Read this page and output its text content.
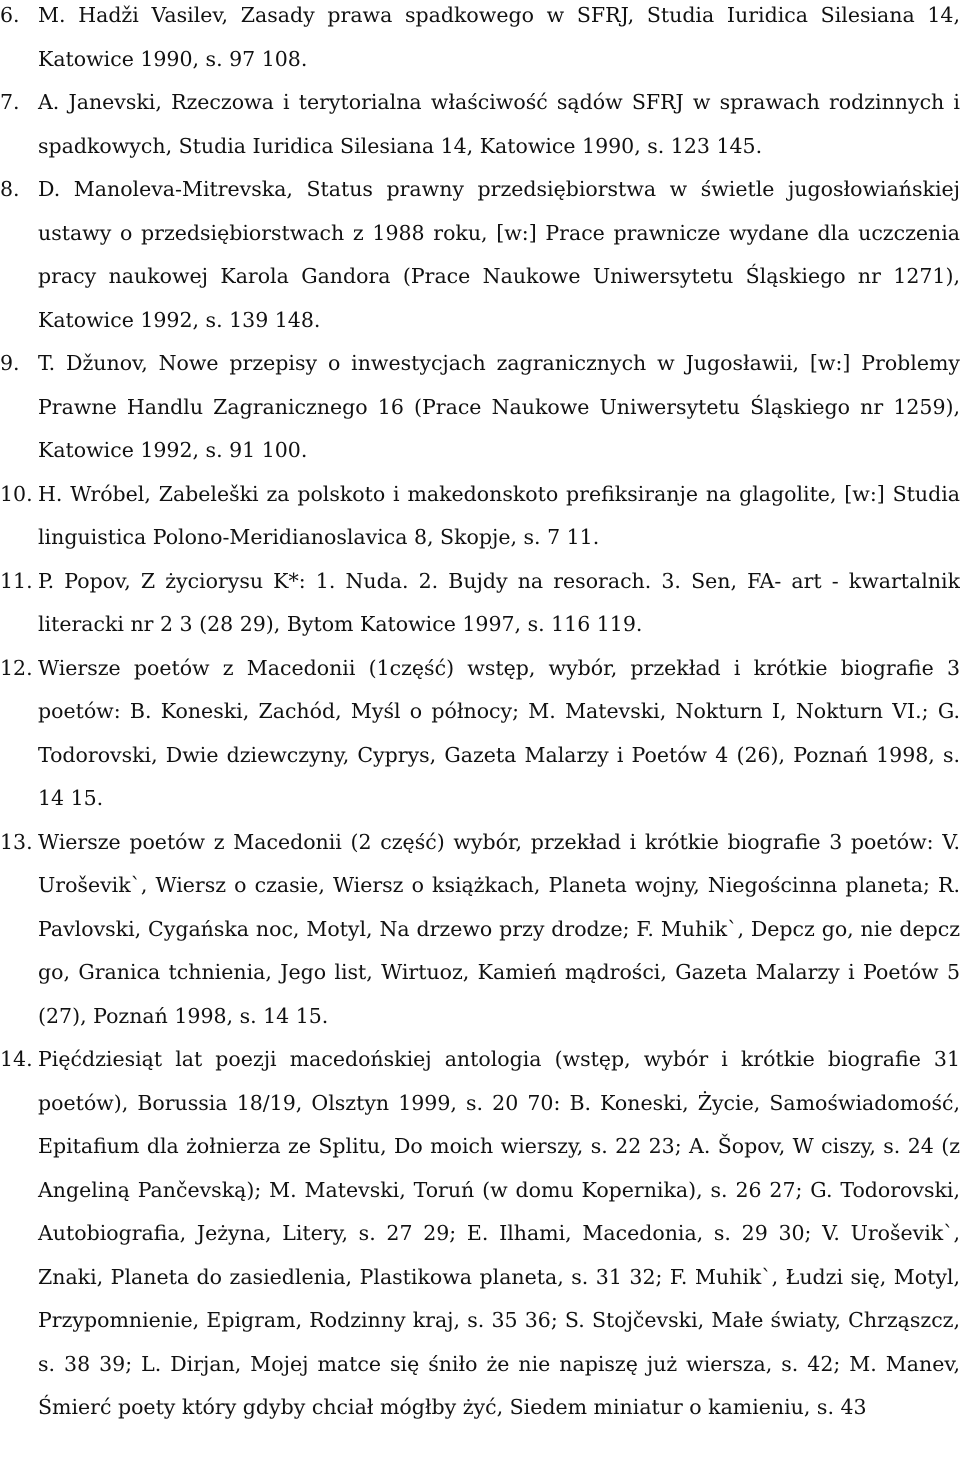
6. M. Hadži Vasilev, Zasady prawa spadkowego w SFRJ, Studia Iuridica Silesiana 14, Katowice 1990, s. 97 108.
7. A. Janevski, Rzeczowa i terytorialna właściwość sądów SFRJ w sprawach rodzinnych i spadkowych, Studia Iuridica Silesiana 14, Katowice 1990, s. 123 145.
8. D. Manoleva-Mitrevska, Status prawny przedsiębiorstwa w świetle jugosłowiańskiej ustawy o przedsiębiorstwach z 1988 roku, [w:] Prace prawnicze wydane dla uczczenia pracy naukowej Karola Gandora (Prace Naukowe Uniwersytetu Śląskiego nr 1271), Katowice 1992, s. 139 148.
9. T. Džunov, Nowe przepisy o inwestycjach zagranicznych w Jugosławii, [w:] Problemy Prawne Handlu Zagranicznego 16 (Prace Naukowe Uniwersytetu Śląskiego nr 1259), Katowice 1992, s. 91 100.
10. H. Wróbel, Zabeleški za polskoto i makedonskoto prefiksiranje na glagolite, [w:] Studia linguistica Polono-Meridianoslavica 8, Skopje, s. 7 11.
11. P. Popov, Z życiorysu K*: 1. Nuda. 2. Bujdy na resorach. 3. Sen, FA- art - kwartalnik literacki nr 2 3 (28 29), Bytom Katowice 1997, s. 116 119.
12. Wiersze poetów z Macedonii (1część) wstęp, wybór, przekład i krótkie biografie 3 poetów: B. Koneski, Zachód, Myśl o północy; M. Matevski, Nokturn I, Nokturn VI.; G. Todorovski, Dwie dziewczyny, Cyprys, Gazeta Malarzy i Poetów 4 (26), Poznań 1998, s. 14 15.
13. Wiersze poetów z Macedonii (2 część) wybór, przekład i krótkie biografie 3 poetów: V. Uroševik`, Wiersz o czasie, Wiersz o książkach, Planeta wojny, Niegościnna planeta; R. Pavlovski, Cygańska noc, Motyl, Na drzewo przy drodze; F. Muhik`, Depcz go, nie depcz go, Granica tchnienia, Jego list, Wirtuoz, Kamień mądrości, Gazeta Malarzy i Poetów 5 (27), Poznań 1998, s. 14 15.
14. Pięćdziesiąt lat poezji macedońskiej antologia (wstęp, wybór i krótkie biografie 31 poetów), Borussia 18/19, Olsztyn 1999, s. 20 70: B. Koneski, Życie, Samoświadomość, Epitafium dla żołnierza ze Splitu, Do moich wierszy, s. 22 23; A. Šopov, W ciszy, s. 24 (z Angeliną Pančevską); M. Matevski, Toruń (w domu Kopernika), s. 26 27; G. Todorovski, Autobiografia, Jeżyna, Litery, s. 27 29; E. Ilhami, Macedonia, s. 29 30; V. Uroševik`, Znaki, Planeta do zasiedlenia, Plastikowa planeta, s. 31 32; F. Muhik`, Łudzi się, Motyl, Przypomnienie, Epigram, Rodzinny kraj, s. 35 36; S. Stojčevski, Małe światy, Chrząszcz, s. 38 39; L. Dirjan, Mojej matce się śniło że nie napiszę już wiersza, s. 42; M. Manev, Śmierć poety który gdyby chciał mógłby żyć, Siedem miniatur o kamieniu, s. 43
